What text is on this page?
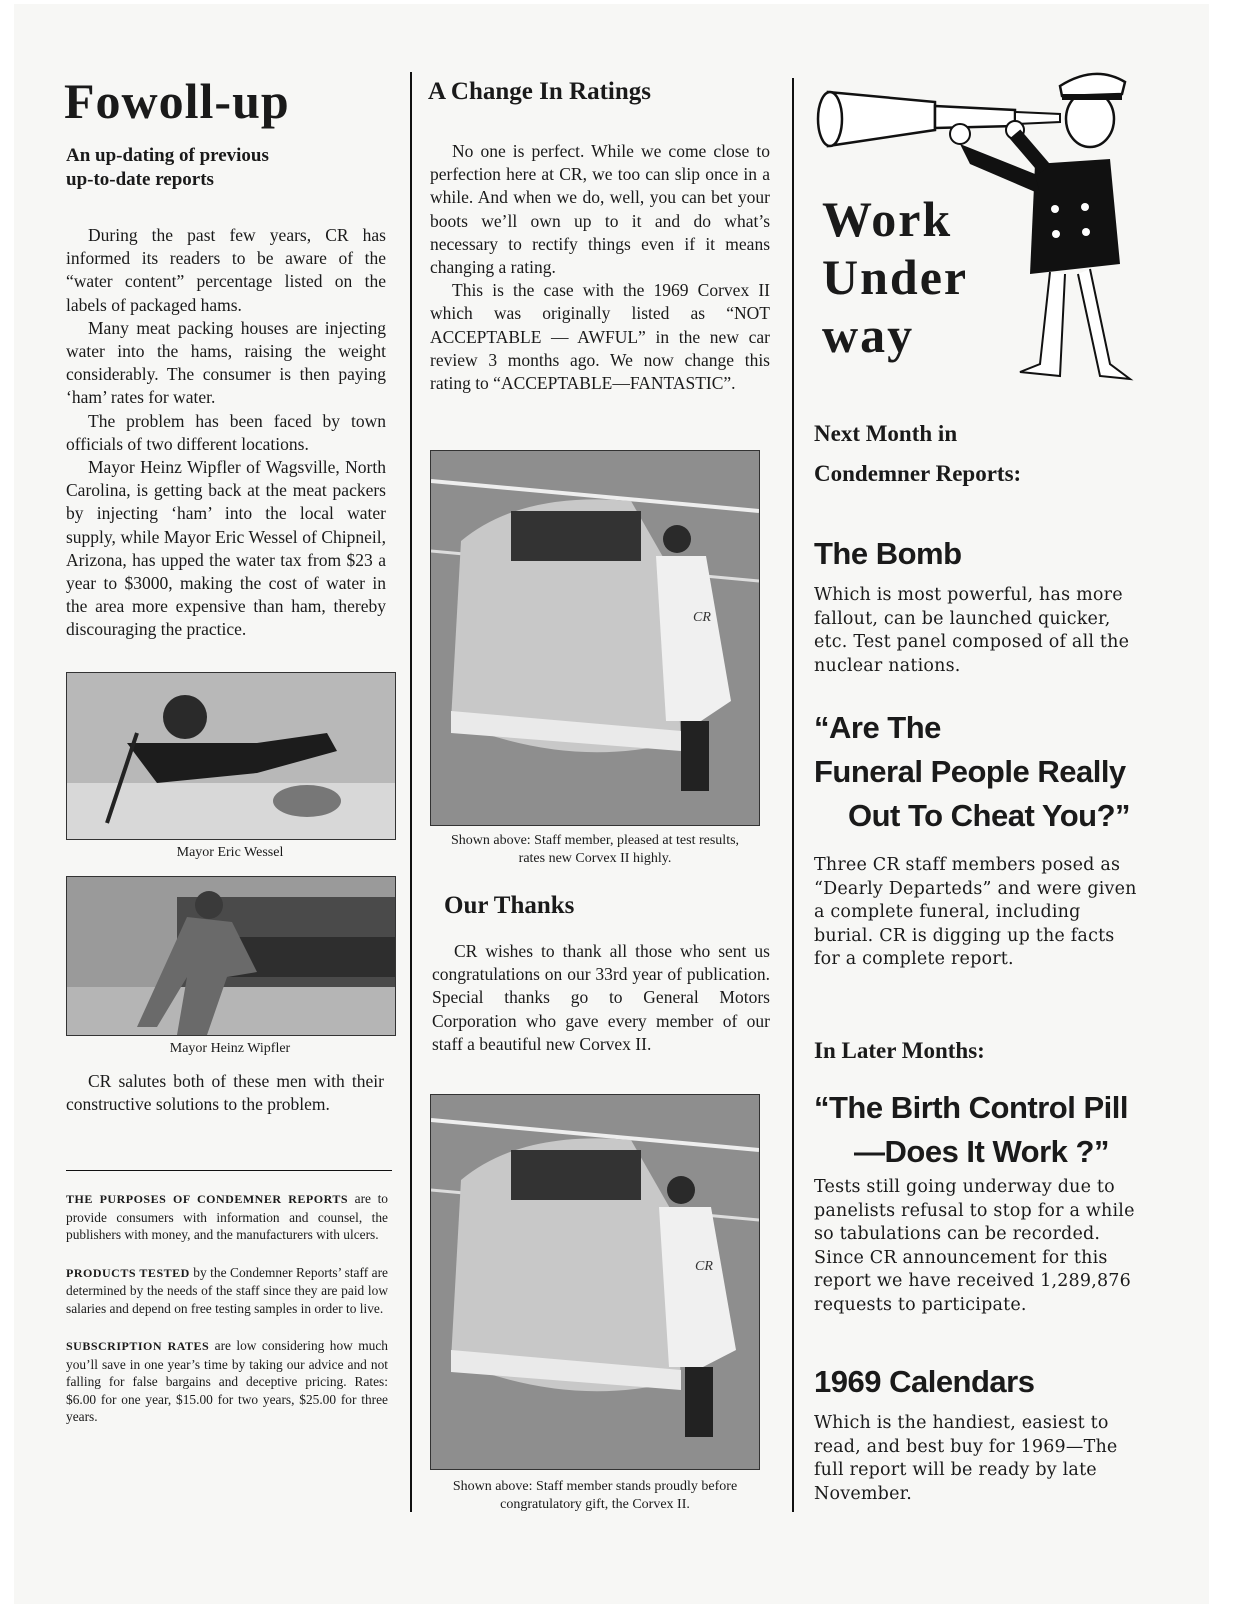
Fowoll-up
An up-dating of previous
up-to-date reports

During the past few years, CR has informed its readers to be aware of the “water content” percentage listed on the labels of packaged hams.

Many meat packing houses are injecting water into the hams, raising the weight considerably. The consumer is then paying ‘ham’ rates for water.

The problem has been faced by town officials of two different locations.

Mayor Heinz Wipfler of Wagsville, North Carolina, is getting back at the meat packers by injecting ‘ham’ into the local water supply, while Mayor Eric Wessel of Chipneil, Arizona, has upped the water tax from $23 a year to $3000, making the cost of water in the area more expensive than ham, thereby discouraging the practice.

Mayor Eric Wessel
Mayor Heinz Wipfler

CR salutes both of these men with their constructive solutions to the problem.

THE PURPOSES OF CONDEMNER REPORTS are to provide consumers with information and counsel, the publishers with money, and the manufacturers with ulcers.

PRODUCTS TESTED by the Condemner Reports’ staff are determined by the needs of the staff since they are paid low salaries and depend on free testing samples in order to live.

SUBSCRIPTION RATES are low considering how much you’ll save in one year’s time by taking our advice and not falling for false bargains and deceptive pricing. Rates: $6.00 for one year, $15.00 for two years, $25.00 for three years.

A Change In Ratings

No one is perfect. While we come close to perfection here at CR, we too can slip once in a while. And when we do, well, you can bet your boots we’ll own up to it and do what’s necessary to rectify things even if it means changing a rating.

This is the case with the 1969 Corvex II which was originally listed as “NOT ACCEPTABLE — AWFUL” in the new car review 3 months ago. We now change this rating to “ACCEPTABLE—FANTASTIC”.

CR
Shown above: Staff member, pleased at test results, rates new Corvex II highly.
Our Thanks

CR wishes to thank all those who sent us congratulations on our 33rd year of publication. Special thanks go to General Motors Corporation who gave every member of our staff a beautiful new Corvex II.

CR
Shown above: Staff member stands proudly before congratulatory gift, the Corvex II.
Work
Under
way
Next Month in
Condemner Reports:
The Bomb
Which is most powerful, has more fallout, can be launched quicker, etc. Test panel composed of all the nuclear nations.
“Are The
Funeral People Really
Out To Cheat You?”
Three CR staff members posed as “Dearly Departeds” and were given a complete funeral, including burial. CR is digging up the facts for a complete report.
In Later Months:
“The Birth Control Pill
—Does It Work ?”
Tests still going underway due to panelists refusal to stop for a while so tabulations can be recorded. Since CR announcement for this report we have received 1,289,876 requests to participate.
1969 Calendars
Which is the handiest, easiest to read, and best buy for 1969—The full report will be ready by late November.
